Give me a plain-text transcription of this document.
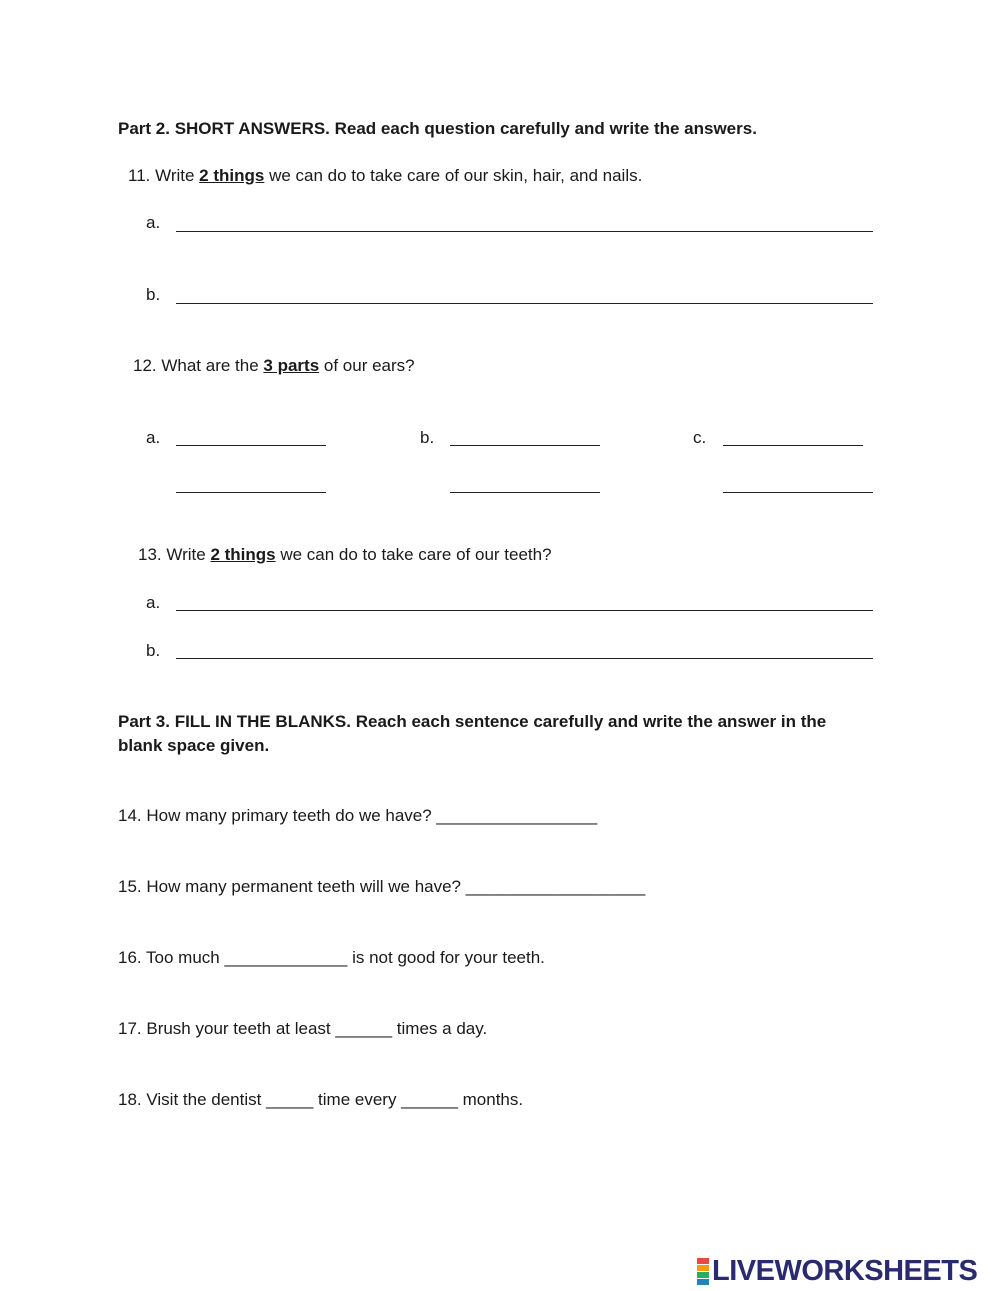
Part 2. SHORT ANSWERS. Read each question carefully and write the answers.
11. Write 2 things we can do to take care of our skin, hair, and nails.
a.
b.
12. What are the 3 parts of our ears?
a.	b.	c.
13. Write 2 things we can do to take care of our teeth?
a.
b.
Part 3. FILL IN THE BLANKS. Reach each sentence carefully and write the answer in the
blank space given.
14. How many primary teeth do we have? _________________
15. How many permanent teeth will we have? ___________________
16. Too much _____________ is not good for your teeth.
17. Brush your teeth at least ______ times a day.
18. Visit the dentist _____ time every ______ months.
LIVEWORKSHEETS
